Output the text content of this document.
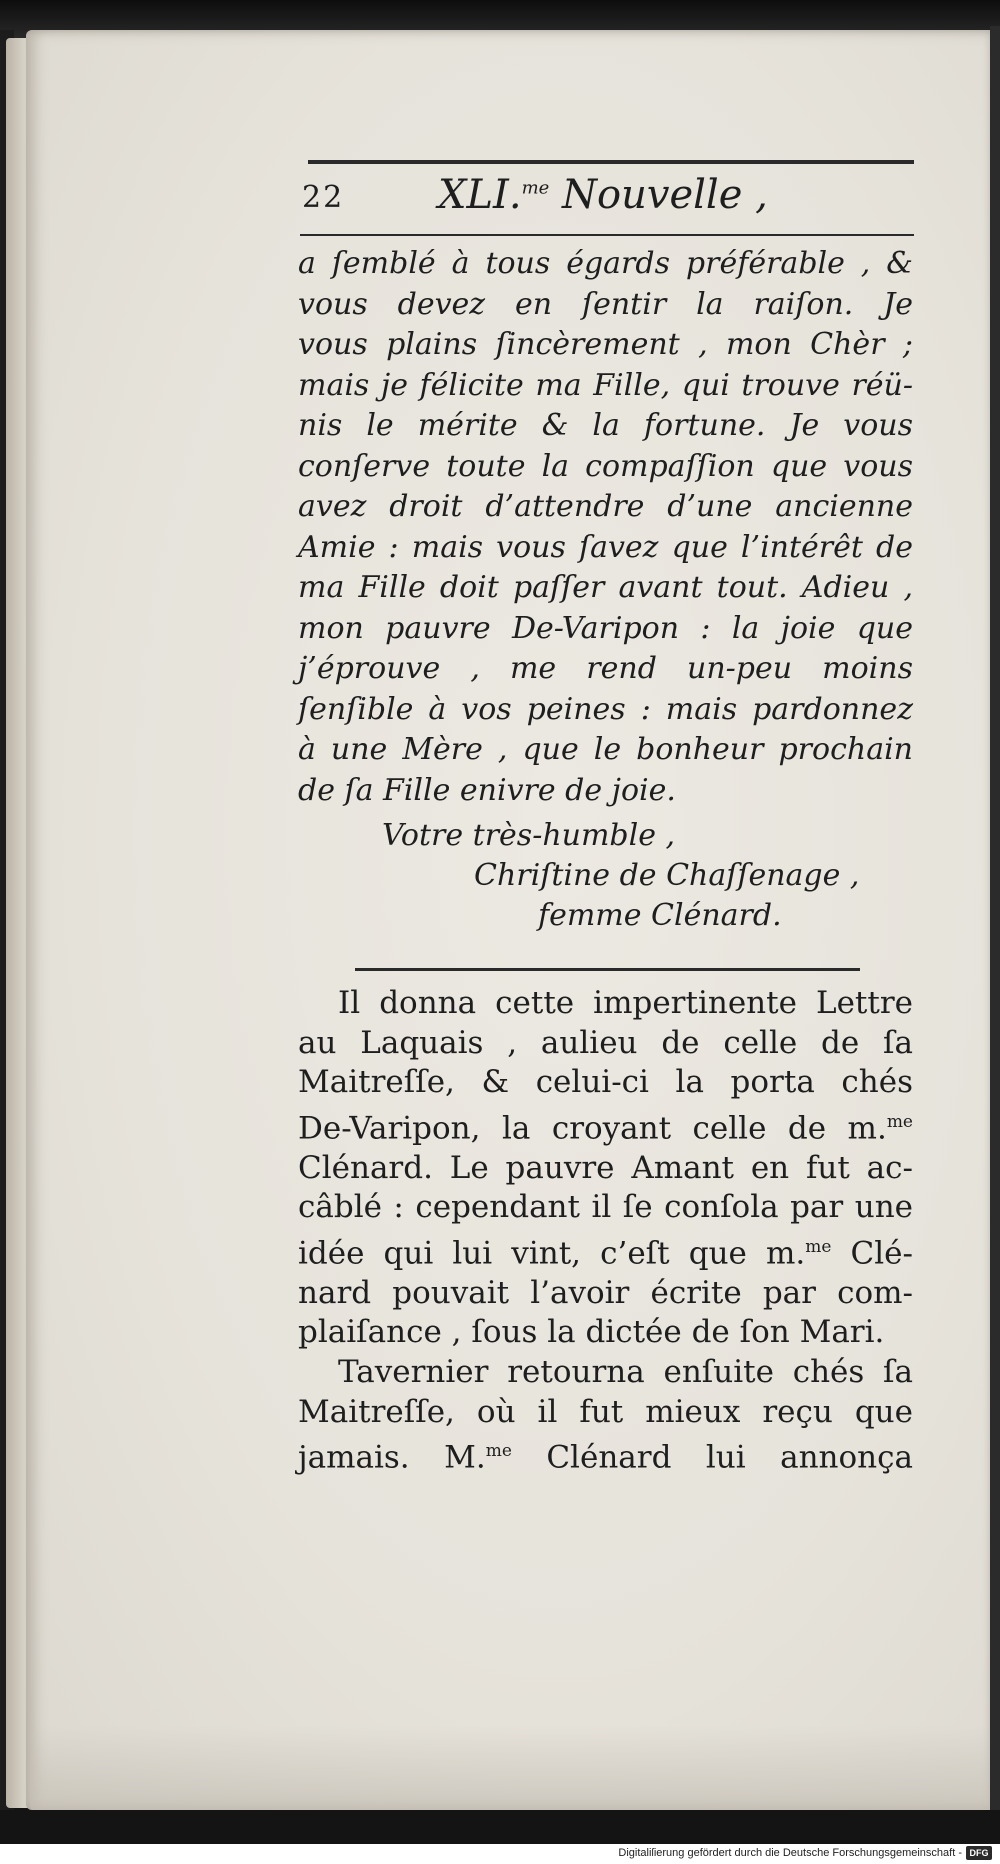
22 XLI.$^{me}$ Nouvelle ,
a ſemblé à tous égards préférable , &
vous devez en ſentir la raiſon. Je
vous plains ſincèrement , mon Chèr ;
mais je félicite ma Fille, qui trouve réü-
nis le mérite & la fortune. Je vous
conſerve toute la compaſſion que vous
avez droit d’attendre d’une ancienne
Amie : mais vous ſavez que l’intérêt de
ma Fille doit paſſer avant tout. Adieu ,
mon pauvre De-Varipon : la joie que
j’éprouve , me rend un-peu moins
ſenſible à vos peines : mais pardonnez
à une Mère , que le bonheur prochain
de ſa Fille enivre de joie.
Votre très-humble ,
Chriſtine de Chaſſenage ,
femme Clénard.
Il donna cette impertinente Lettre
au Laquais , aulieu de celle de ſa
Maitreſſe, & celui-ci la porta chés
De-Varipon, la croyant celle de m.$^{me}$
Clénard. Le pauvre Amant en fut ac-
câblé : cependant il ſe conſola par une
idée qui lui vint, c’eſt que m.$^{me}$ Clé-
nard pouvait l’avoir écrite par com-
plaiſance , ſous la dictée de ſon Mari.
Tavernier retourna enſuite chés ſa
Maitreſſe, où il fut mieux reçu que
jamais. M.$^{me}$ Clénard lui annonça
Digitaliſierung gefördert durch die Deutsche Forschungsgemeinschaft - DFG
